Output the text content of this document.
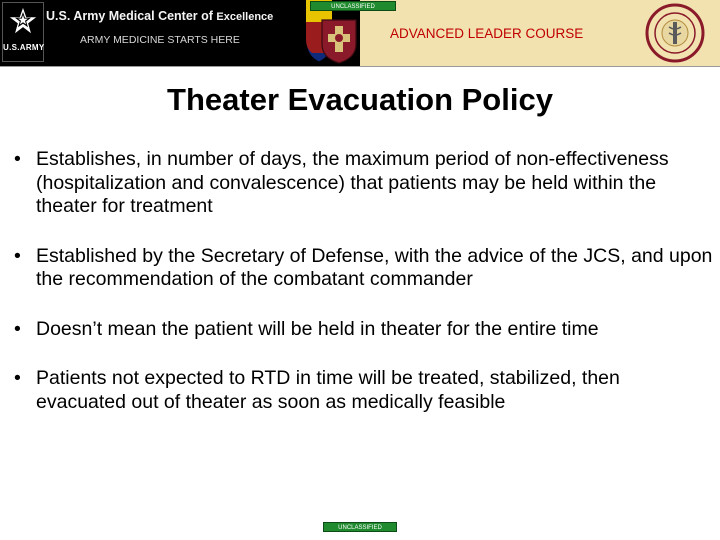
U.S.ARMY
U.S. Army Medical Center of Excellence
ARMY MEDICINE STARTS HERE
UNCLASSIFIED
ADVANCED LEADER COURSE
Theater Evacuation Policy
• Establishes, in number of days, the maximum period of non-effectiveness (hospitalization and convalescence) that patients may be held within the theater for treatment
• Established by the Secretary of Defense, with the advice of the JCS, and upon the recommendation of the combatant commander
• Doesn’t mean the patient will be held in theater for the entire time
• Patients not expected to RTD in time will be treated, stabilized, then evacuated out of theater as soon as medically feasible
UNCLASSIFIED
